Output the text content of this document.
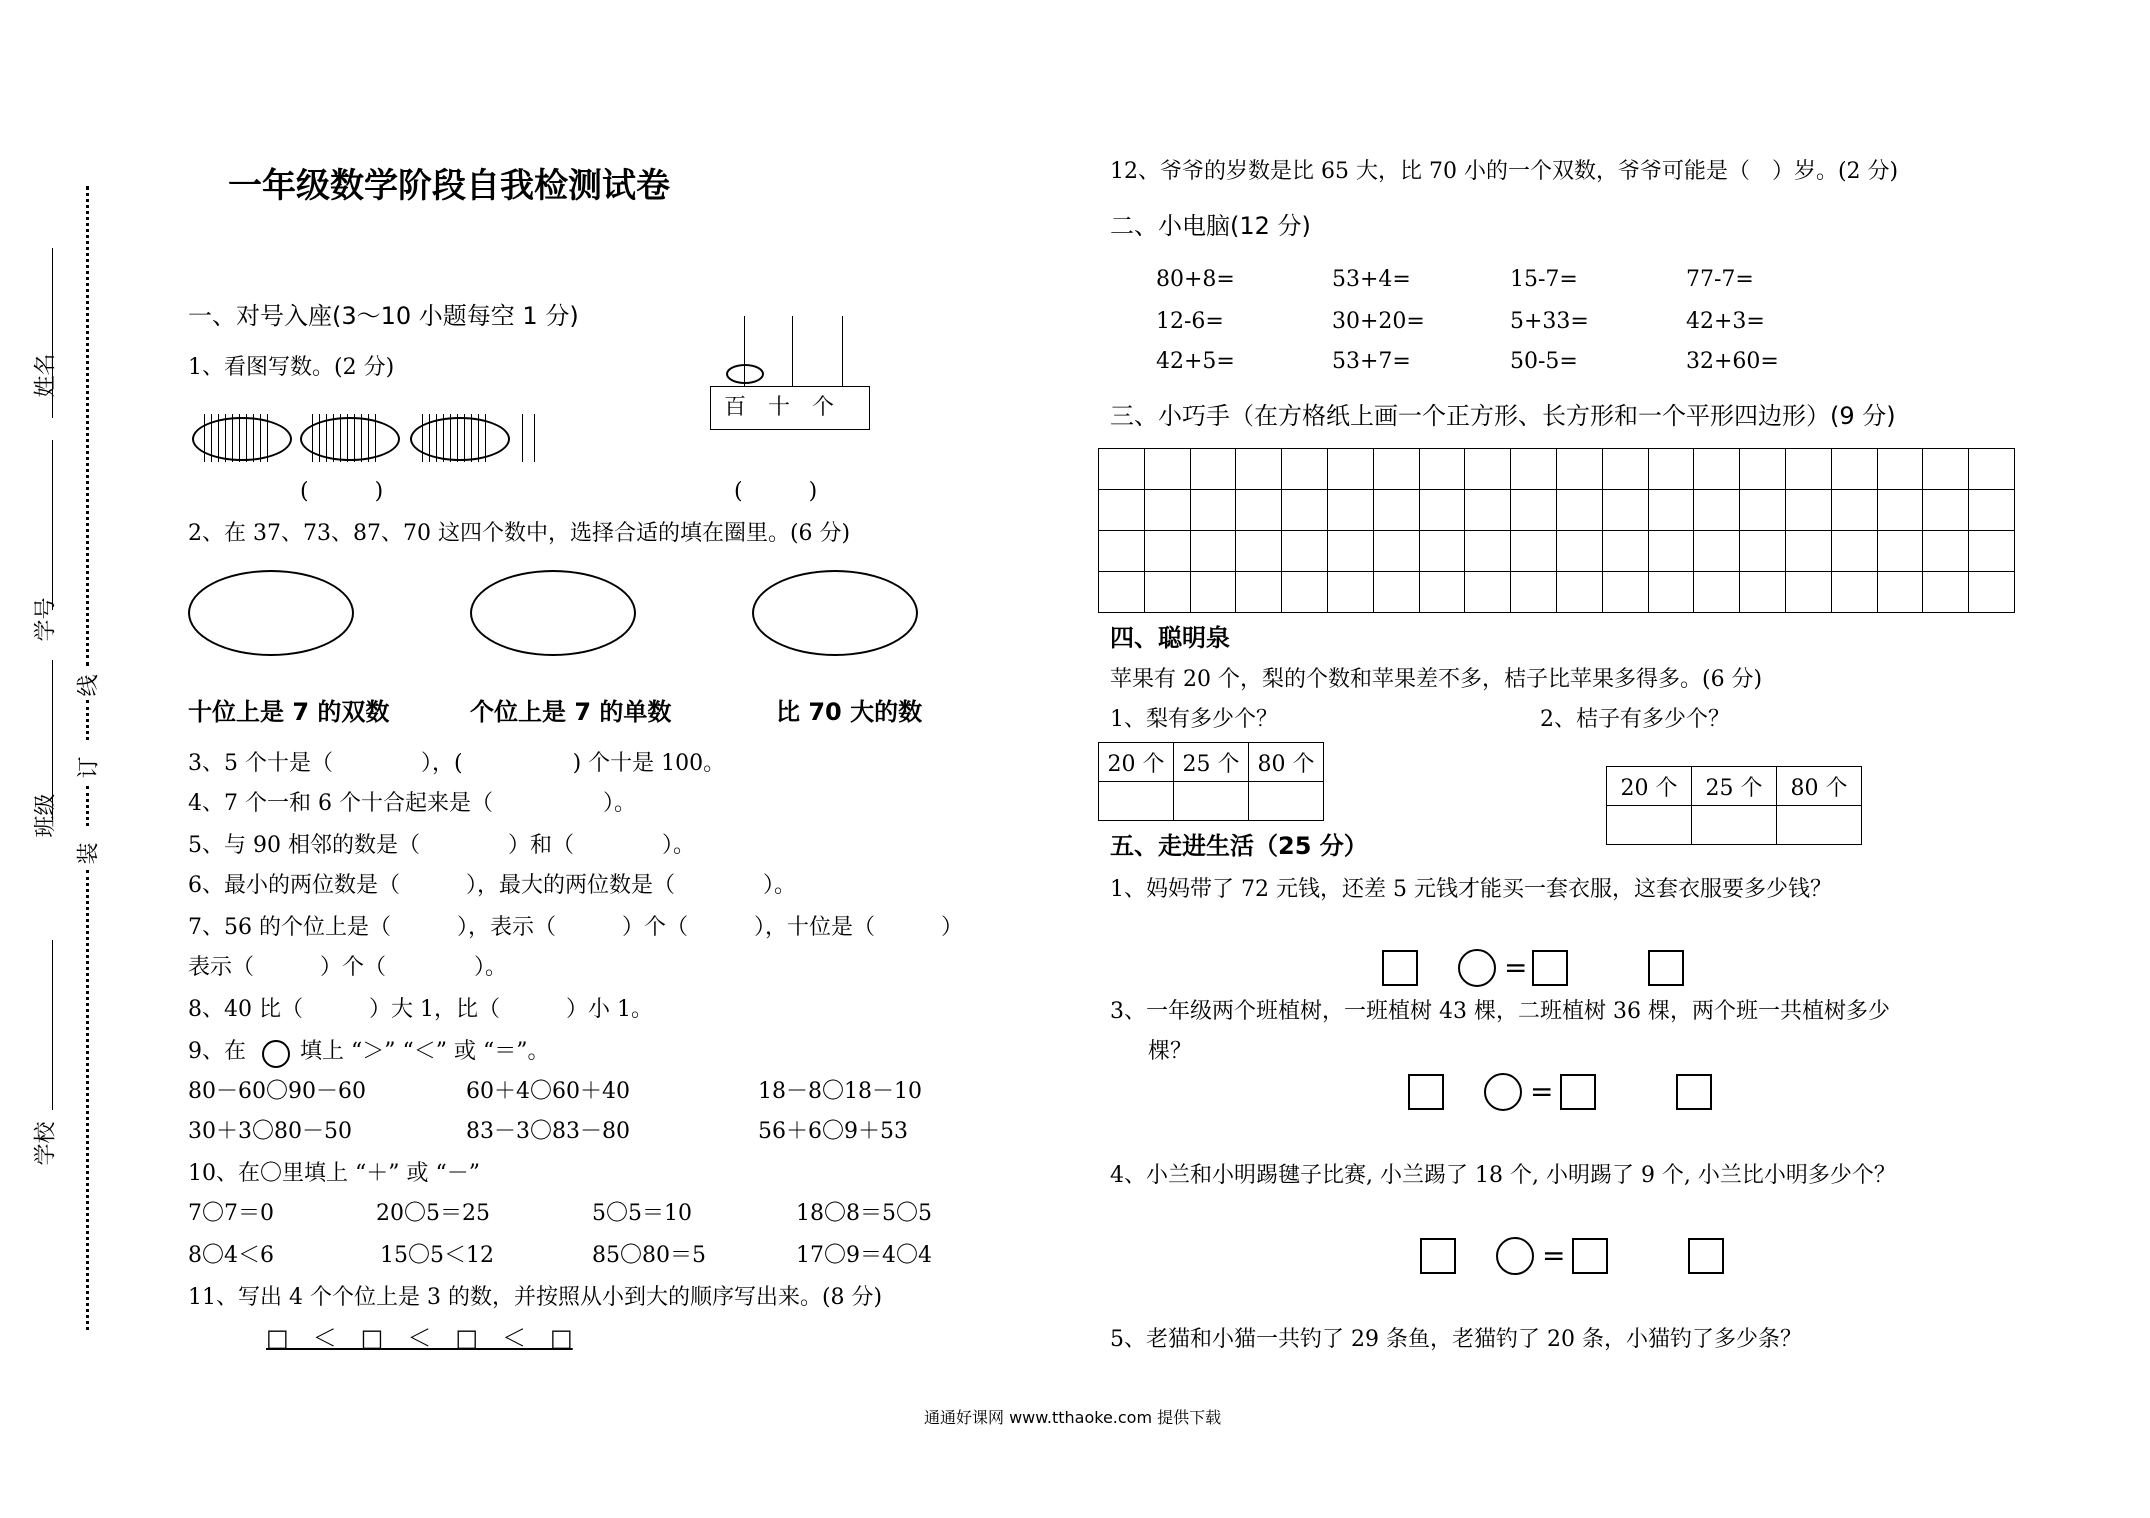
姓名
学号
班级
学校
线
订
装
一年级数学阶段自我检测试卷
一、对号入座(3～10 小题每空 1 分)
1、看图写数。(2 分)
(　　　)
百　十　个
(　　　)
2、在 37、73、87、70 这四个数中，选择合适的填在圈里。(6 分)
十位上是 7 的双数	个位上是 7 的单数	比 70 大的数
3、5 个十是（　　　　），(　　　　　) 个十是 100。
4、7 个一和 6 个十合起来是（　　　　　）。
5、与 90 相邻的数是（　　　　）和（　　　　）。
6、最小的两位数是（　　　），最大的两位数是（　　　　）。
7、56 的个位上是（　　　），表示（　　　）个（　　　），十位是（　　　）
表示（　　　）个（　　　　）。
8、40 比（　　　）大 1，比（　　　）小 1。
9、在 填上 “＞” “＜” 或 “＝”。
80－60〇90－60	60＋4〇60＋40	18－8〇18－10
30＋3〇80－50	83－3〇83－80	56＋6〇9＋53
10、在〇里填上 “＋” 或 “－”
7〇7＝0	20〇5＝25	5〇5＝10	18〇8＝5〇5
8〇4＜6	15〇5＜12	85〇80＝5	17〇9＝4〇4
11、写出 4 个个位上是 3 的数，并按照从小到大的顺序写出来。(8 分)
□　＜　□　＜　□　＜　□
12、爷爷的岁数是比 65 大，比 70 小的一个双数，爷爷可能是（　）岁。(2 分)
二、小电脑(12 分)
80+8=	53+4=	15-7=	77-7=
12-6=	30+20=	5+33=	42+3=
42+5=	53+7=	50-5=	32+60=
三、小巧手（在方格纸上画一个正方形、长方形和一个平形四边形）(9 分)

四、聪明泉
苹果有 20 个，梨的个数和苹果差不多，桔子比苹果多得多。(6 分)
1、梨有多少个？	2、桔子有多少个？
20 个	25 个	80 个

20 个	25 个	80 个

五、走进生活（25 分）
1、妈妈带了 72 元钱，还差 5 元钱才能买一套衣服，这套衣服要多少钱？
=
3、一年级两个班植树，一班植树 43 棵，二班植树 36 棵，两个班一共植树多少
棵？
=
4、小兰和小明踢毽子比赛, 小兰踢了 18 个, 小明踢了 9 个, 小兰比小明多少个？
=
5、老猫和小猫一共钓了 29 条鱼，老猫钓了 20 条，小猫钓了多少条？
通通好课网 www.tthaoke.com 提供下载
